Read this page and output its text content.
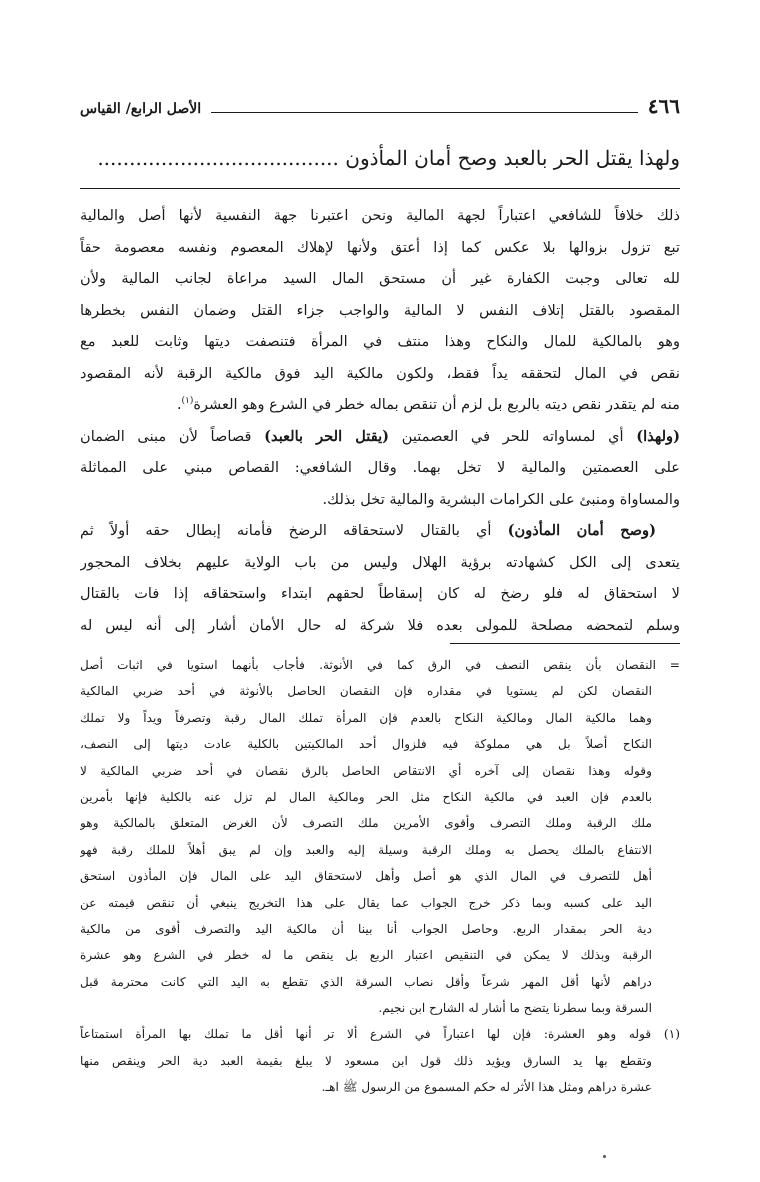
٤٦٦
الأصل الرابع/ القياس
ولهذا يقتل الحر بالعبد وصح أمان المأذون ......................................
ذلك خلافاً للشافعي اعتباراً لجهة المالية ونحن اعتبرنا جهة النفسية لأنها أصل والمالية
تبع تزول بزوالها بلا عكس كما إذا أعتق ولأنها لإهلاك المعصوم ونفسه معصومة حقاً
لله تعالى وجبت الكفارة غير أن مستحق المال السيد مراعاة لجانب المالية ولأن
المقصود بالقتل إتلاف النفس لا المالية والواجب جزاء القتل وضمان النفس بخطرها
وهو بالمالكية للمال والنكاح وهذا منتف في المرأة فتنصفت ديتها وثابت للعبد مع
نقص في المال لتحققه يداً فقط، ولكون مالكية اليد فوق مالكية الرقبة لأنه المقصود
منه لم يتقدر نقص ديته بالربع بل لزم أن تنقص بماله خطر في الشرع وهو العشرة$^{(١)}$.
(ولهذا) أي لمساواته للحر في العصمتين (يقتل الحر بالعبد) قصاصاً لأن مبنى الضمان
على العصمتين والمالية لا تخل بهما. وقال الشافعي: القصاص مبني على المماثلة
والمساواة ومنبئ على الكرامات البشرية والمالية تخل بذلك.
(وصح أمان المأذون) أي بالقتال لاستحقاقه الرضخ فأمانه إبطال حقه أولاً ثم
يتعدى إلى الكل كشهادته برؤية الهلال وليس من باب الولاية عليهم بخلاف المحجور
لا استحقاق له فلو رضخ له كان إسقاطاً لحقهم ابتداء واستحقاقه إذا فات بالقتال
وسلم لتمحضه مصلحة للمولى بعده فلا شركة له حال الأمان أشار إلى أنه ليس له
=النقصان بأن ينقص النصف في الرق كما في الأنوثة. فأجاب بأنهما استويا في اثبات أصل
النقصان لكن لم يستويا في مقداره فإن النقصان الحاصل بالأنوثة في أحد ضربي المالكية
وهما مالكية المال ومالكية النكاح بالعدم فإن المرأة تملك المال رقبة وتصرفاً ويداً ولا تملك
النكاح أصلاً بل هي مملوكة فيه فلزوال أحد المالكيتين بالكلية عادت ديتها إلى النصف،
وقوله وهذا نقصان إلى آخره أي الانتقاص الحاصل بالرق نقصان في أحد ضربي المالكية لا
بالعدم فإن العبد في مالكية النكاح مثل الحر ومالكية المال لم تزل عنه بالكلية فإنها بأمرين
ملك الرقبة وملك التصرف وأقوى الأمرين ملك التصرف لأن الغرض المتعلق بالمالكية وهو
الانتفاع بالملك يحصل به وملك الرقبة وسيلة إليه والعبد وإن لم يبق أهلاً للملك رقبة فهو
أهل للتصرف في المال الذي هو أصل وأهل لاستحقاق اليد على المال فإن المأذون استحق
اليد على كسبه وبما ذكر خرج الجواب عما يقال على هذا التخريج ينبغي أن تنقص قيمته عن
دية الحر بمقدار الربع. وحاصل الجواب أنا بينا أن مالكية اليد والتصرف أقوى من مالكية
الرقبة وبذلك لا يمكن في التنقيص اعتبار الربع بل ينقص ما له خطر في الشرع وهو عشرة
دراهم لأنها أقل المهر شرعاً وأقل نصاب السرقة الذي تقطع به اليد التي كانت محترمة قبل
السرقة وبما سطرنا يتضح ما أشار له الشارح ابن نجيم.
(١) قوله وهو العشرة: فإن لها اعتباراً في الشرع ألا تر أنها أقل ما تملك بها المرأة استمتاعاً
وتقطع بها يد السارق ويؤيد ذلك قول ابن مسعود لا يبلغ بقيمة العبد دية الحر وينقص منها
عشرة دراهم ومثل هذا الأثر له حكم المسموع من الرسول ﷺ اهـ.
